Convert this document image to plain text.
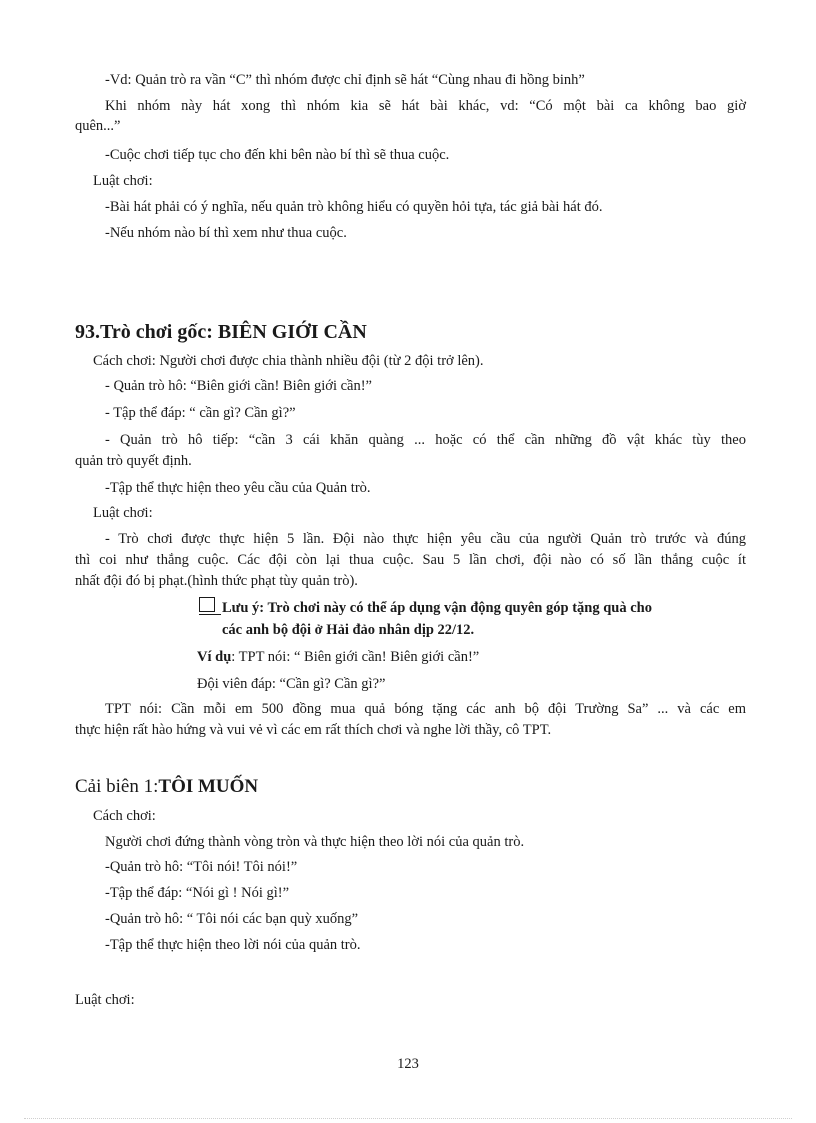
-Vd: Quản trò ra vần “C” thì nhóm được chỉ định sẽ hát “Cùng nhau đi hồng binh”
Khi nhóm này hát xong thì nhóm kia sẽ hát bài khác, vd: “Có một bài ca không bao giờ
quên...”
-Cuộc chơi tiếp tục cho đến khi bên nào bí thì sẽ thua cuộc.
Luật chơi:
-Bài hát phải có ý nghĩa, nếu quản trò không hiểu có quyền hỏi tựa, tác giả bài hát đó.
-Nếu nhóm nào bí thì xem như thua cuộc.
93.Trò chơi gốc: BIÊN GIỚI CẦN
Cách chơi: Người chơi được chia thành nhiều đội (từ 2 đội trở lên).
- Quản trò hô: “Biên giới cần! Biên giới cần!”
- Tập thể đáp: “ cần gì? Cần gì?”
- Quản trò hô tiếp: “cần 3 cái khăn quàng ... hoặc có thể cần những đồ vật khác tùy theo
quản trò quyết định.
-Tập thể thực hiện theo yêu cầu của Quản trò.
Luật chơi:
- Trò chơi được thực hiện 5 lần. Đội nào thực hiện yêu cầu của người Quản trò trước và đúng
thì coi như thắng cuộc. Các đội còn lại thua cuộc. Sau 5 lần chơi, đội nào có số lần thắng cuộc ít
nhất đội đó bị phạt.(hình thức phạt tùy quản trò).
Lưu ý: Trò chơi này có thể áp dụng vận động quyên góp tặng quà cho
các anh bộ đội ở Hải đảo nhân dịp 22/12.
Ví dụ: TPT nói: “ Biên giới cần! Biên giới cần!”
Đội viên đáp: “Cần gì? Cần gì?”
TPT nói: Cần mỗi em 500 đồng mua quả bóng tặng các anh bộ đội Trường Sa” ... và các em
thực hiện rất hào hứng và vui vẻ vì các em rất thích chơi và nghe lời thầy, cô TPT.
Cải biên 1:TÔI MUỐN
Cách chơi:
Người chơi đứng thành vòng tròn và thực hiện theo lời nói của quản trò.
-Quản trò hô: “Tôi nói! Tôi nói!”
-Tập thể đáp: “Nói gì ! Nói gì!”
-Quản trò hô: “ Tôi nói các bạn quỳ xuống”
-Tập thể thực hiện theo lời nói của quản trò.
Luật chơi:
123
